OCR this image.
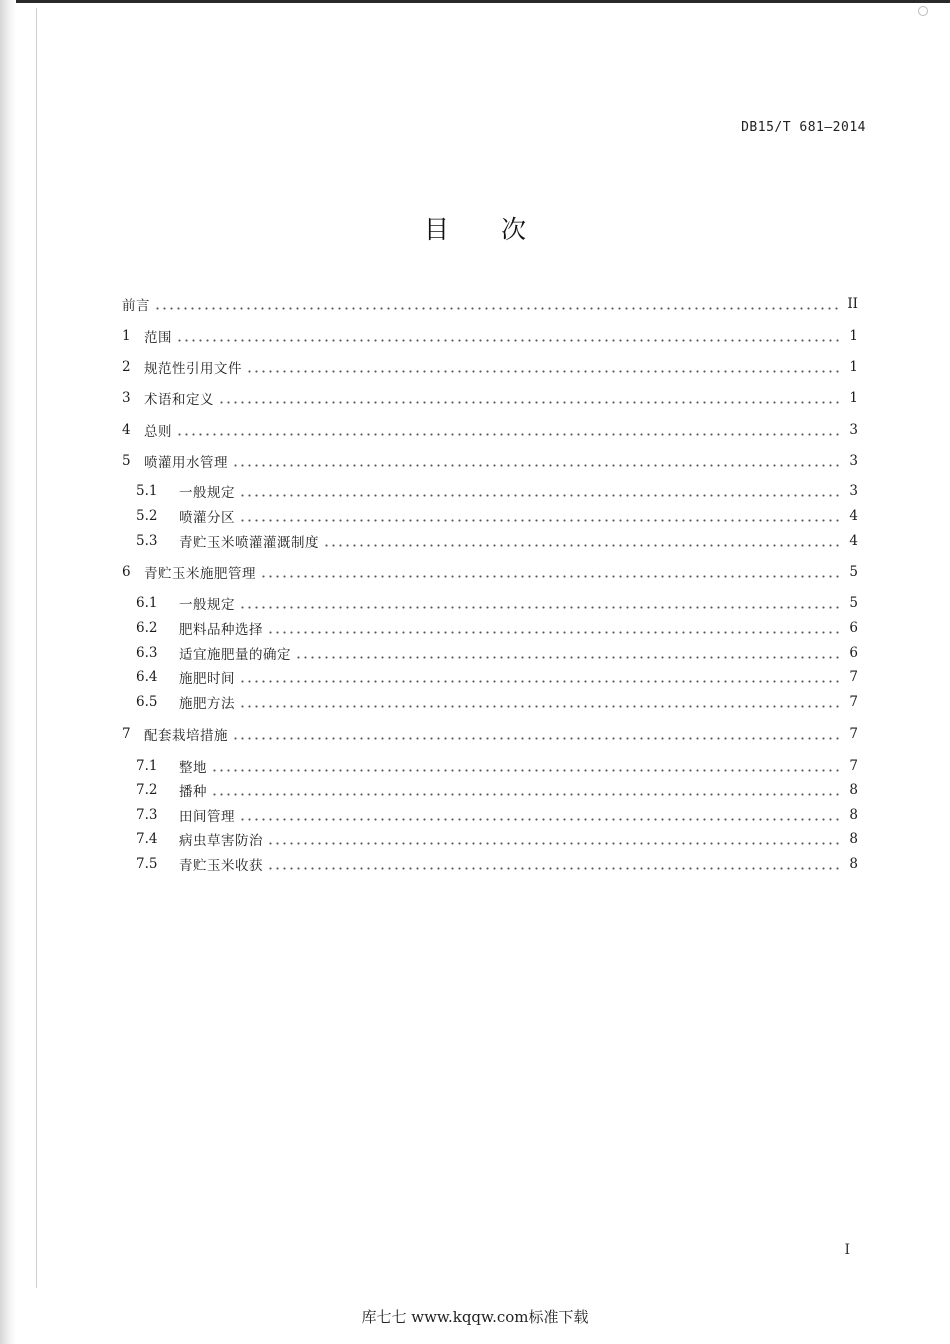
DB15/T 681—2014
目次
前言	II
1 范围	1
2 规范性引用文件	1
3 术语和定义	1
4 总则	3
5 喷灌用水管理	3
5.1	一般规定	3
5.2	喷灌分区	4
5.3	青贮玉米喷灌灌溉制度	4
6 青贮玉米施肥管理	5
6.1	一般规定	5
6.2	肥料品种选择	6
6.3	适宜施肥量的确定	6
6.4	施肥时间	7
6.5	施肥方法	7
7 配套栽培措施	7
7.1	整地	7
7.2	播种	8
7.3	田间管理	8
7.4	病虫草害防治	8
7.5	青贮玉米收获	8
I
库七七 www.kqqw.com标准下载
